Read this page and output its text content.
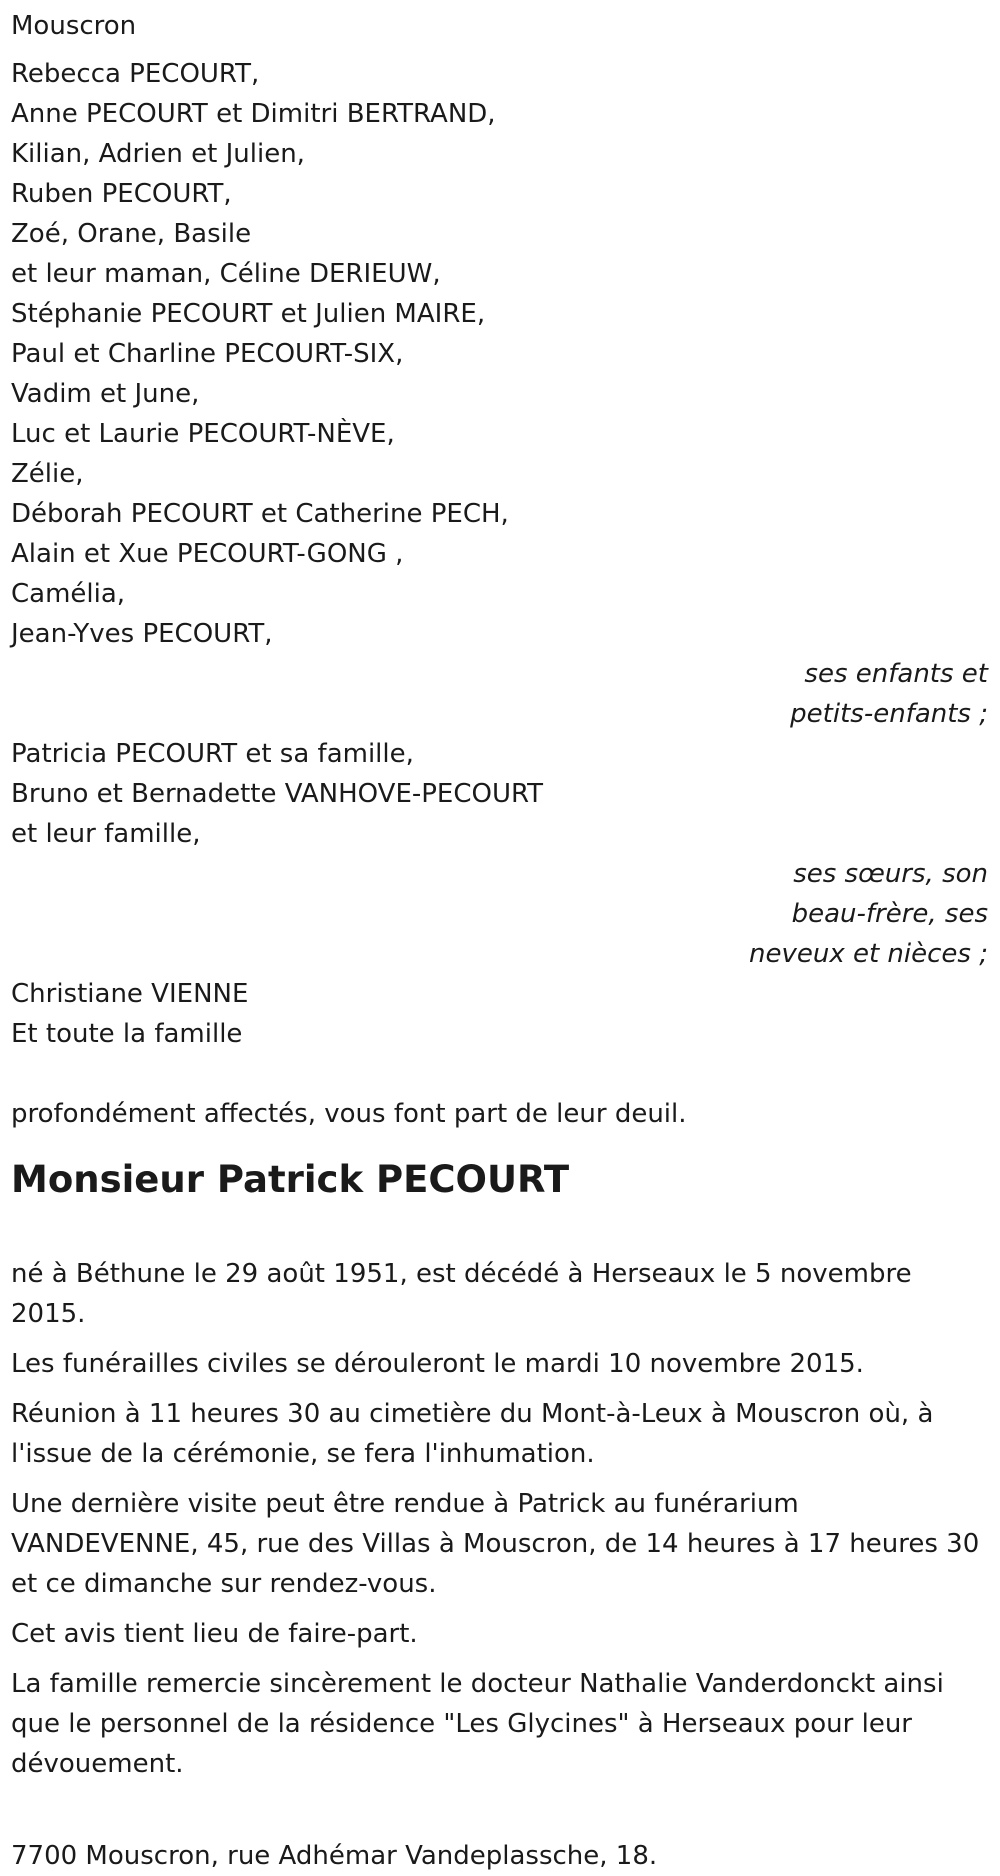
Mouscron
Rebecca PECOURT,
Anne PECOURT et Dimitri BERTRAND,
Kilian, Adrien et Julien,
Ruben PECOURT,
Zoé, Orane, Basile
et leur maman, Céline DERIEUW,
Stéphanie PECOURT et Julien MAIRE,
Paul et Charline PECOURT-SIX,
Vadim et June,
Luc et Laurie PECOURT-NÈVE,
Zélie,
Déborah PECOURT et Catherine PECH,
Alain et Xue PECOURT-GONG ,
Camélia,
Jean-Yves PECOURT,
ses enfants et
petits-enfants ;
Patricia PECOURT et sa famille,
Bruno et Bernadette VANHOVE-PECOURT
et leur famille,
ses sœurs, son
beau-frère, ses
neveux et nièces ;
Christiane VIENNE
Et toute la famille
profondément affectés, vous font part de leur deuil.
Monsieur Patrick PECOURT

né à Béthune le 29 août 1951, est décédé à Herseaux le 5 novembre 2015.

Les funérailles civiles se dérouleront le mardi 10 novembre 2015.

Réunion à 11 heures 30 au cimetière du Mont-à-Leux à Mouscron où, à l'issue de la cérémonie, se fera l'inhumation.

Une dernière visite peut être rendue à Patrick au funérarium VANDEVENNE, 45, rue des Villas à Mouscron, de 14 heures à 17 heures 30 et ce dimanche sur rendez-vous.

Cet avis tient lieu de faire-part.

La famille remercie sincèrement le docteur Nathalie Vanderdonckt ainsi que le personnel de la résidence "Les Glycines" à Herseaux pour leur dévouement.

7700 Mouscron, rue Adhémar Vandeplassche, 18.
